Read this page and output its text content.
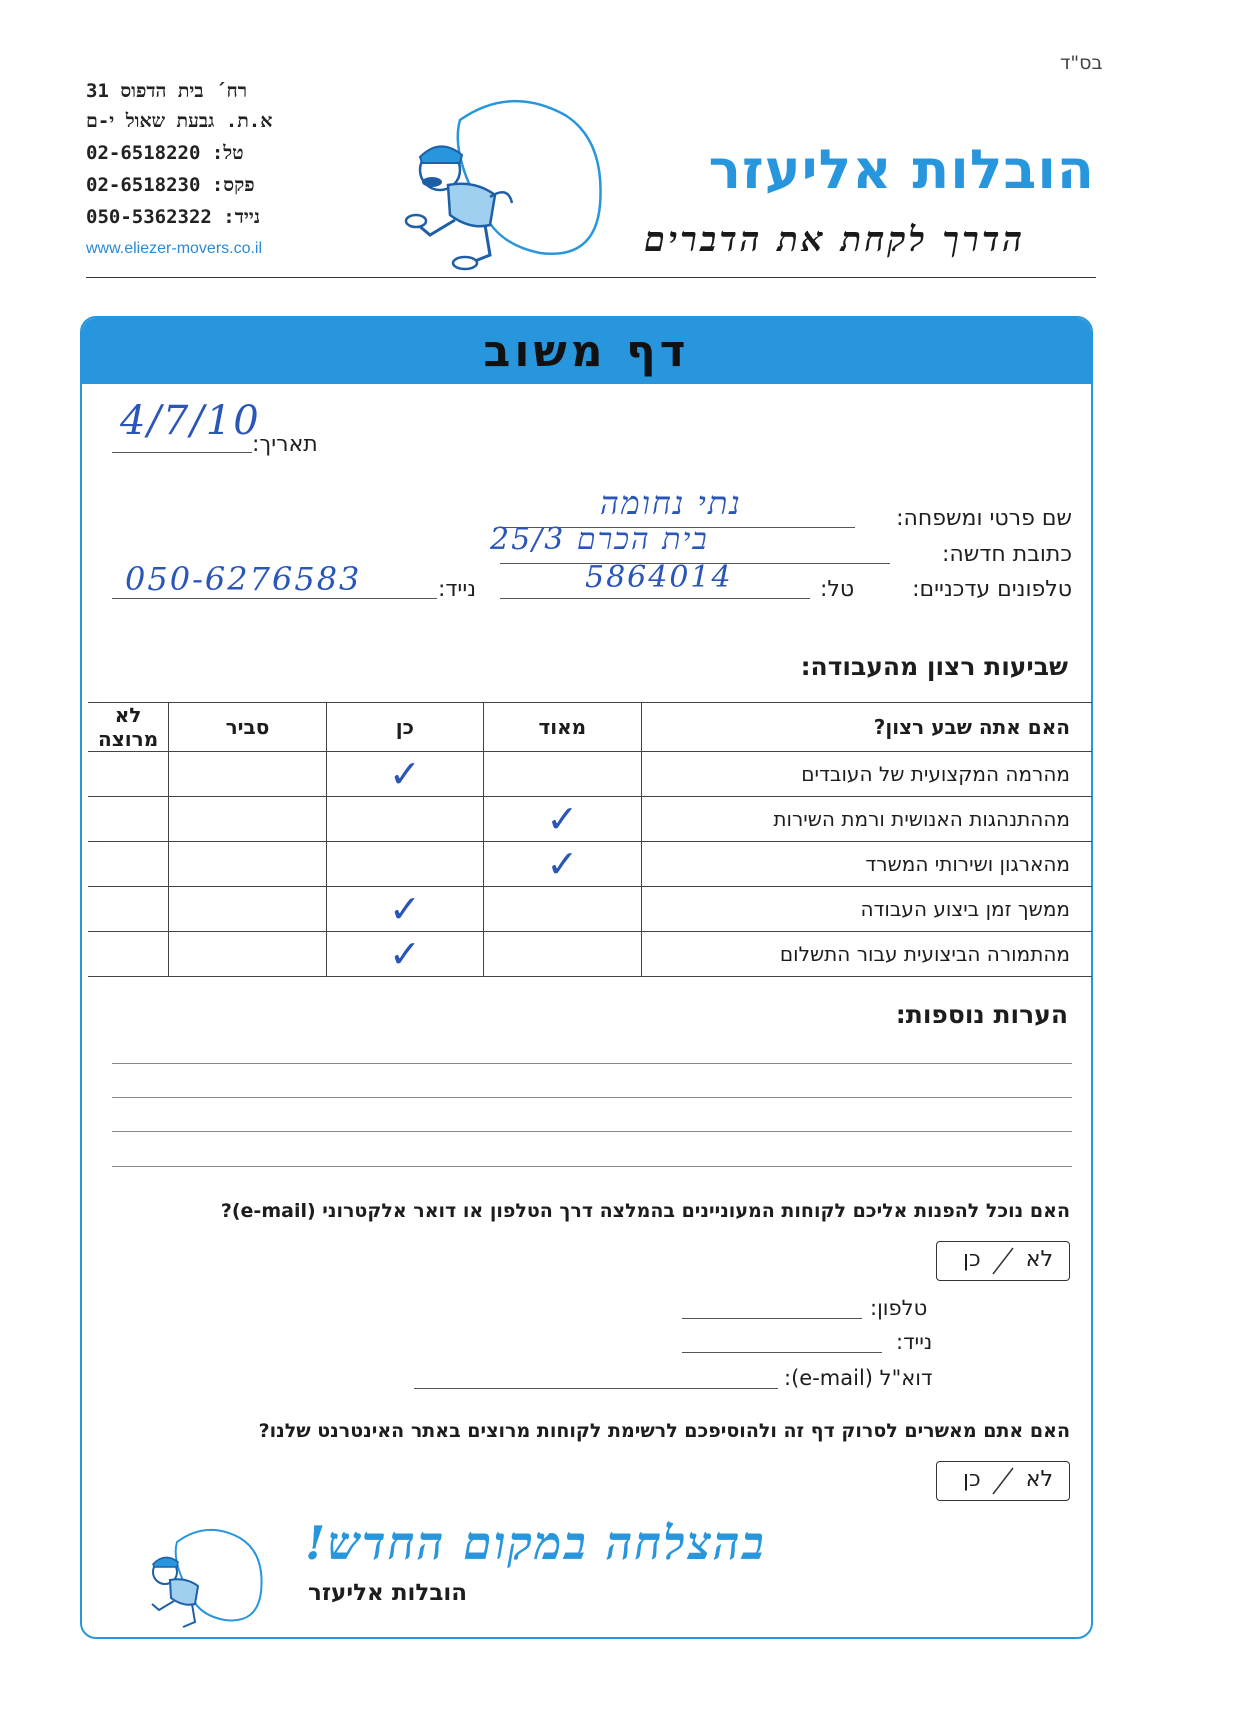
בס"ד
רח´ בית הדפוס 31
א.ת. גבעת שאול י-ם
טל: 02-6518220
פקס: 02-6518230
נייד: 050-5362322
www.eliezer-movers.co.il
הובלות אליעזר
הדרך לקחת את הדברים
דף משוב
תאריך:
4/7/10
שם פרטי ומשפחה:
נתי נחומה
כתובת חדשה:
בית הכרם 25/3
טלפונים עדכניים:
טל:
5864014
נייד:
050-6276583
שביעות רצון מהעבודה:
האם אתה שבע רצון?	מאוד	כן	סביר	לא מרוצה
מהרמה המקצועית של העובדים		✓		
מההתנהגות האנושית ורמת השירות	✓			
מהארגון ושירותי המשרד	✓			
ממשך זמן ביצוע העבודה		✓		
מהתמורה הביצועית עבור התשלום		✓		
הערות נוספות:
האם נוכל להפנות אליכם לקוחות המעוניינים בהמלצה דרך הטלפון או דואר אלקטרוני (e-mail)?
לא
כן
טלפון:
נייד:
דוא"ל (e-mail):
האם אתם מאשרים לסרוק דף זה ולהוסיפכם לרשימת לקוחות מרוצים באתר האינטרנט שלנו?
לא
כן
בהצלחה במקום החדש!
הובלות אליעזר
